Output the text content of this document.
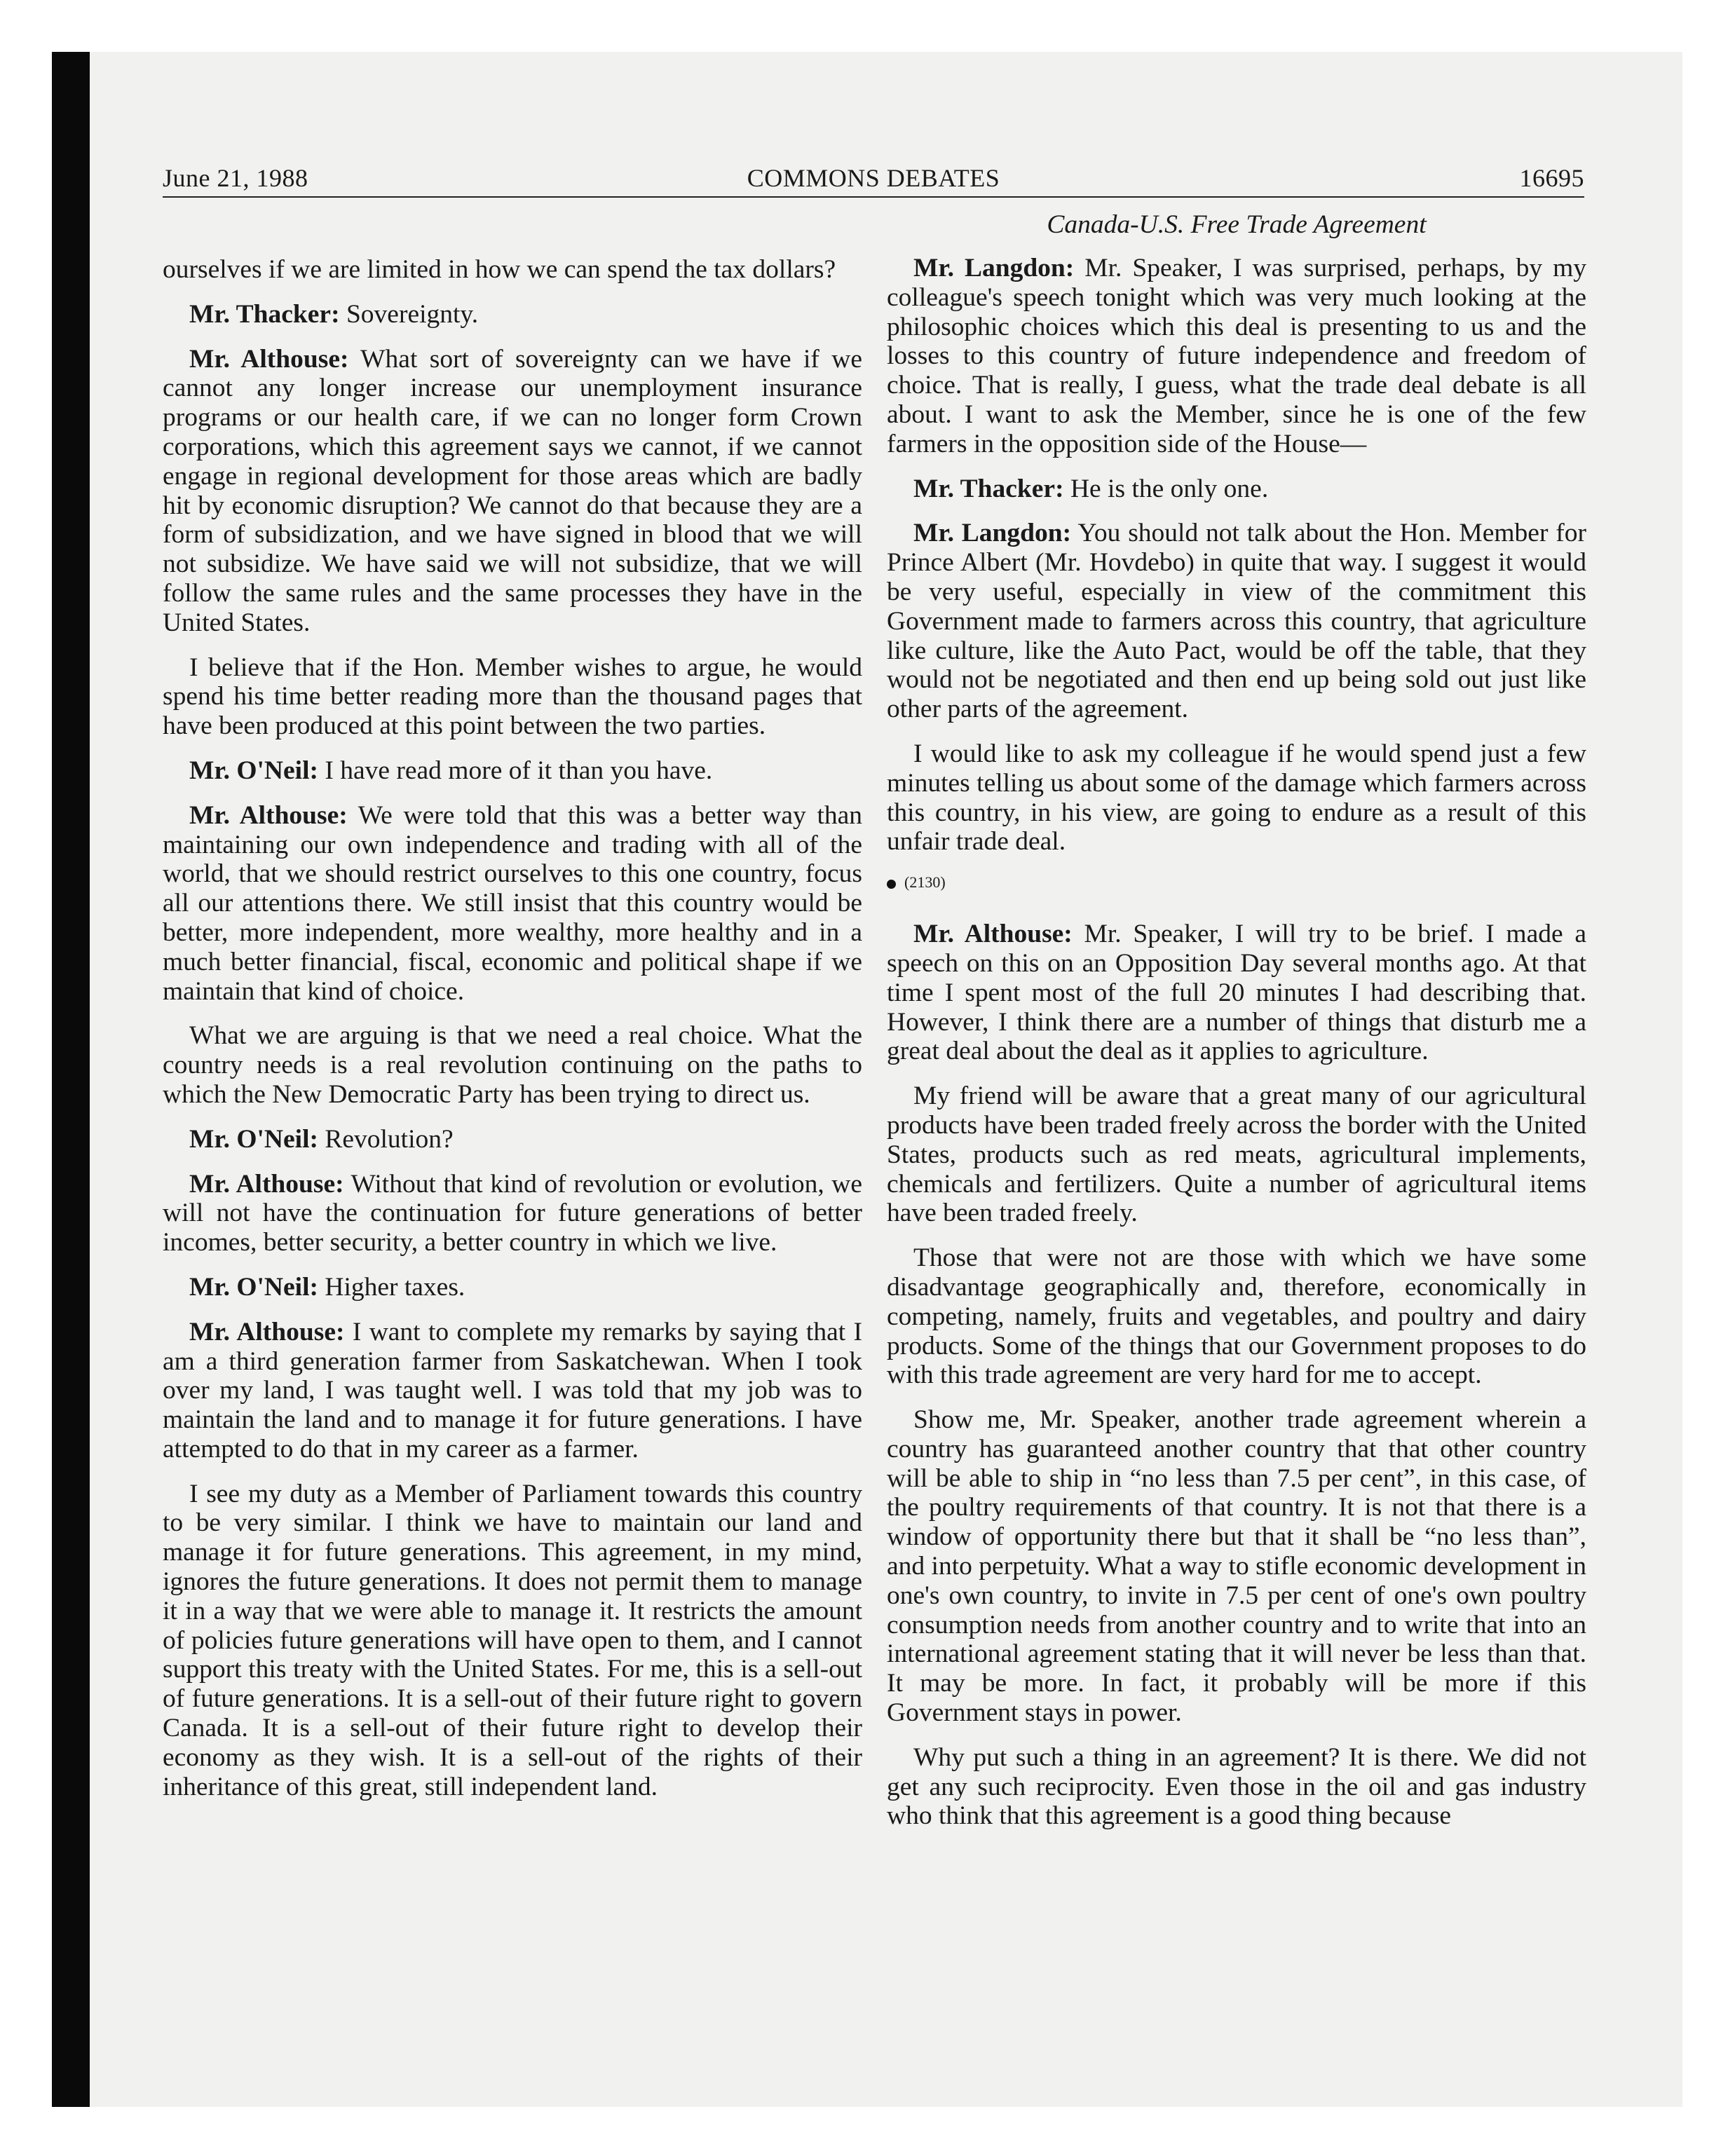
June 21, 1988	COMMONS DEBATES	16695

ourselves if we are limited in how we can spend the tax dollars?

Mr. Thacker: Sovereignty.

Mr. Althouse: What sort of sovereignty can we have if we cannot any longer increase our unemployment insurance programs or our health care, if we can no longer form Crown corporations, which this agreement says we cannot, if we cannot engage in regional development for those areas which are badly hit by economic disruption? We cannot do that because they are a form of subsidization, and we have signed in blood that we will not subsidize. We have said we will not subsidize, that we will follow the same rules and the same processes they have in the United States.

I believe that if the Hon. Member wishes to argue, he would spend his time better reading more than the thousand pages that have been produced at this point between the two parties.

Mr. O'Neil: I have read more of it than you have.

Mr. Althouse: We were told that this was a better way than maintaining our own independence and trading with all of the world, that we should restrict ourselves to this one country, focus all our attentions there. We still insist that this country would be better, more independent, more wealthy, more healthy and in a much better financial, fiscal, economic and political shape if we maintain that kind of choice.

What we are arguing is that we need a real choice. What the country needs is a real revolution continuing on the paths to which the New Democratic Party has been trying to direct us.

Mr. O'Neil: Revolution?

Mr. Althouse: Without that kind of revolution or evolution, we will not have the continuation for future generations of better incomes, better security, a better country in which we live.

Mr. O'Neil: Higher taxes.

Mr. Althouse: I want to complete my remarks by saying that I am a third generation farmer from Saskatchewan. When I took over my land, I was taught well. I was told that my job was to maintain the land and to manage it for future generations. I have attempted to do that in my career as a farmer.

I see my duty as a Member of Parliament towards this country to be very similar. I think we have to maintain our land and manage it for future generations. This agreement, in my mind, ignores the future generations. It does not permit them to manage it in a way that we were able to manage it. It restricts the amount of policies future generations will have open to them, and I cannot support this treaty with the United States. For me, this is a sell-out of future generations. It is a sell-out of their future right to govern Canada. It is a sell-out of their future right to develop their economy as they wish. It is a sell-out of the rights of their inheritance of this great, still independent land.

Canada-U.S. Free Trade Agreement

Mr. Langdon: Mr. Speaker, I was surprised, perhaps, by my colleague's speech tonight which was very much looking at the philosophic choices which this deal is presenting to us and the losses to this country of future independence and freedom of choice. That is really, I guess, what the trade deal debate is all about. I want to ask the Member, since he is one of the few farmers in the opposition side of the House—

Mr. Thacker: He is the only one.

Mr. Langdon: You should not talk about the Hon. Member for Prince Albert (Mr. Hovdebo) in quite that way. I suggest it would be very useful, especially in view of the commitment this Government made to farmers across this country, that agriculture like culture, like the Auto Pact, would be off the table, that they would not be negotiated and then end up being sold out just like other parts of the agreement.

I would like to ask my colleague if he would spend just a few minutes telling us about some of the damage which farmers across this country, in his view, are going to endure as a result of this unfair trade deal.

(2130)

Mr. Althouse: Mr. Speaker, I will try to be brief. I made a speech on this on an Opposition Day several months ago. At that time I spent most of the full 20 minutes I had describing that. However, I think there are a number of things that disturb me a great deal about the deal as it applies to agriculture.

My friend will be aware that a great many of our agricultural products have been traded freely across the border with the United States, products such as red meats, agricultural implements, chemicals and fertilizers. Quite a number of agricultural items have been traded freely.

Those that were not are those with which we have some disadvantage geographically and, therefore, economically in competing, namely, fruits and vegetables, and poultry and dairy products. Some of the things that our Government proposes to do with this trade agreement are very hard for me to accept.

Show me, Mr. Speaker, another trade agreement wherein a country has guaranteed another country that that other country will be able to ship in “no less than 7.5 per cent”, in this case, of the poultry requirements of that country. It is not that there is a window of opportunity there but that it shall be “no less than”, and into perpetuity. What a way to stifle economic development in one's own country, to invite in 7.5 per cent of one's own poultry consumption needs from another country and to write that into an international agreement stating that it will never be less than that. It may be more. In fact, it probably will be more if this Government stays in power.

Why put such a thing in an agreement? It is there. We did not get any such reciprocity. Even those in the oil and gas industry who think that this agreement is a good thing because
